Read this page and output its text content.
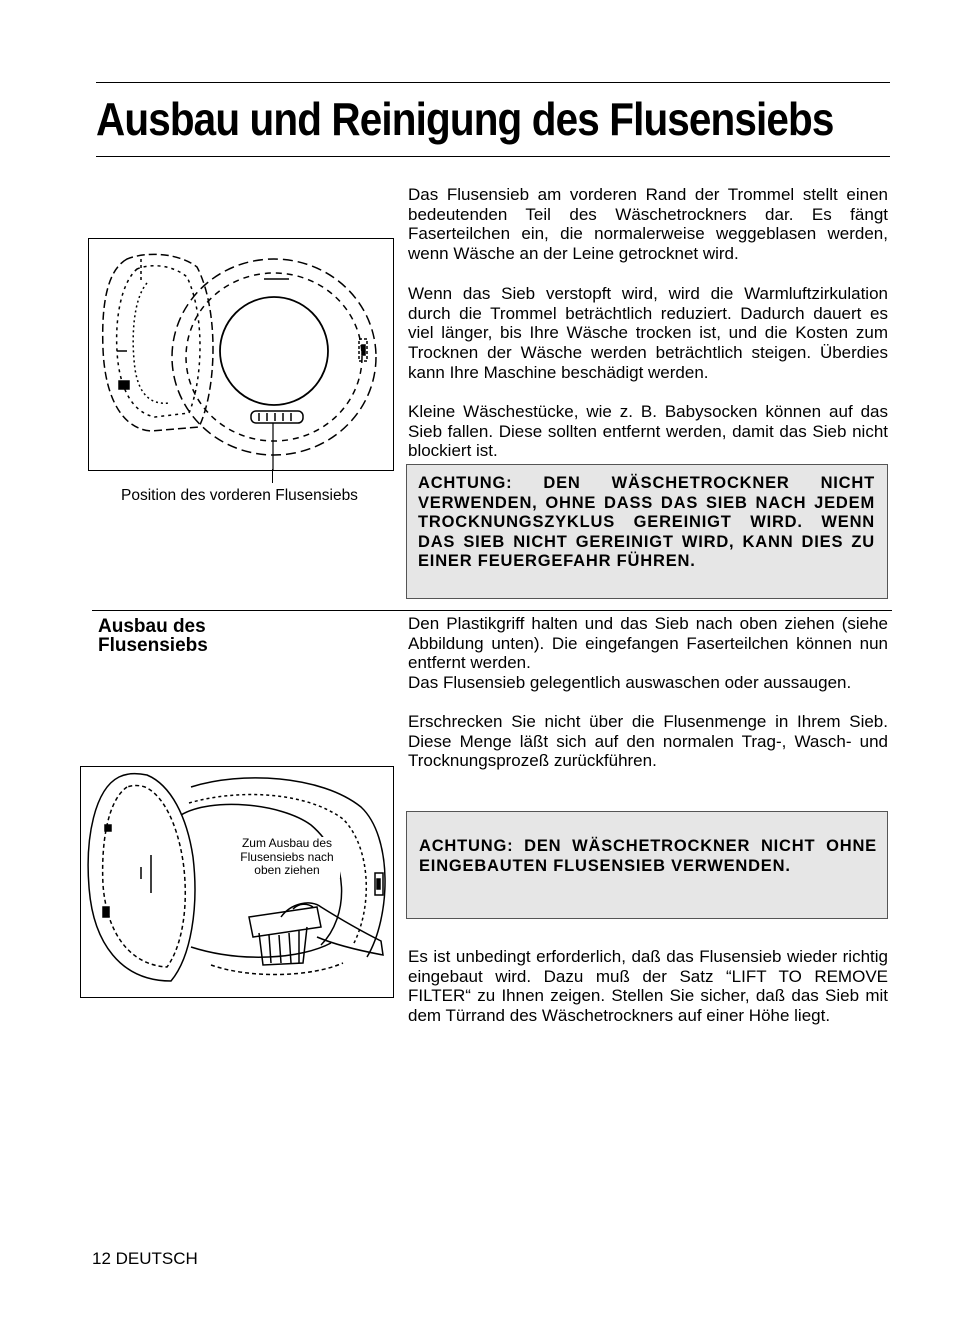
Ausbau und Reinigung des Flusensiebs

Das Flusensieb am vorderen Rand der Trommel stellt einen bedeutenden Teil des Wäschetrockners dar. Es fängt Faserteilchen ein, die normalerweise weggeblasen werden, wenn Wäsche an der Leine getrocknet wird.

Wenn das Sieb verstopft wird, wird die Warmluftzirkulation durch die Trommel beträchtlich reduziert. Dadurch dauert es viel länger, bis Ihre Wäsche trocken ist, und die Kosten zum Trocknen der Wäsche werden beträchtlich steigen. Überdies kann Ihre Maschine beschädigt werden.

Kleine Wäschestücke, wie z. B. Babysocken können auf das Sieb fallen. Diese sollten entfernt werden, damit das Sieb nicht blockiert ist.

ACHTUNG: DEN WÄSCHETROCKNER NICHT VERWENDEN, OHNE DASS DAS SIEB NACH JEDEM TROCKNUNGSZYKLUS GEREINIGT WIRD. WENN DAS SIEB NICHT GEREINIGT WIRD, KANN DIES ZU EINER FEUERGEFAHR FÜHREN.
Position des vorderen Flusensiebs
Ausbau des Flusensiebs

Den Plastikgriff halten und das Sieb nach oben ziehen (siehe Abbildung unten). Die eingefangen Faserteilchen können nun entfernt werden.

Das Flusensieb gelegentlich auswaschen oder aussaugen.

Erschrecken Sie nicht über die Flusenmenge in Ihrem Sieb. Diese Menge läßt sich auf den normalen Trag-, Wasch- und Trocknungsprozeß zurückführen.

Zum Ausbau des Flusensiebs nach oben ziehen
ACHTUNG: DEN WÄSCHETROCKNER NICHT OHNE EINGEBAUTEN FLUSENSIEB VERWENDEN.

Es ist unbedingt erforderlich, daß das Flusensieb wieder richtig eingebaut wird. Dazu muß der Satz “LIFT TO REMOVE FILTER“ zu Ihnen zeigen. Stellen Sie sicher, daß das Sieb mit dem Türrand des Wäschetrockners auf einer Höhe liegt.

12 DEUTSCH
